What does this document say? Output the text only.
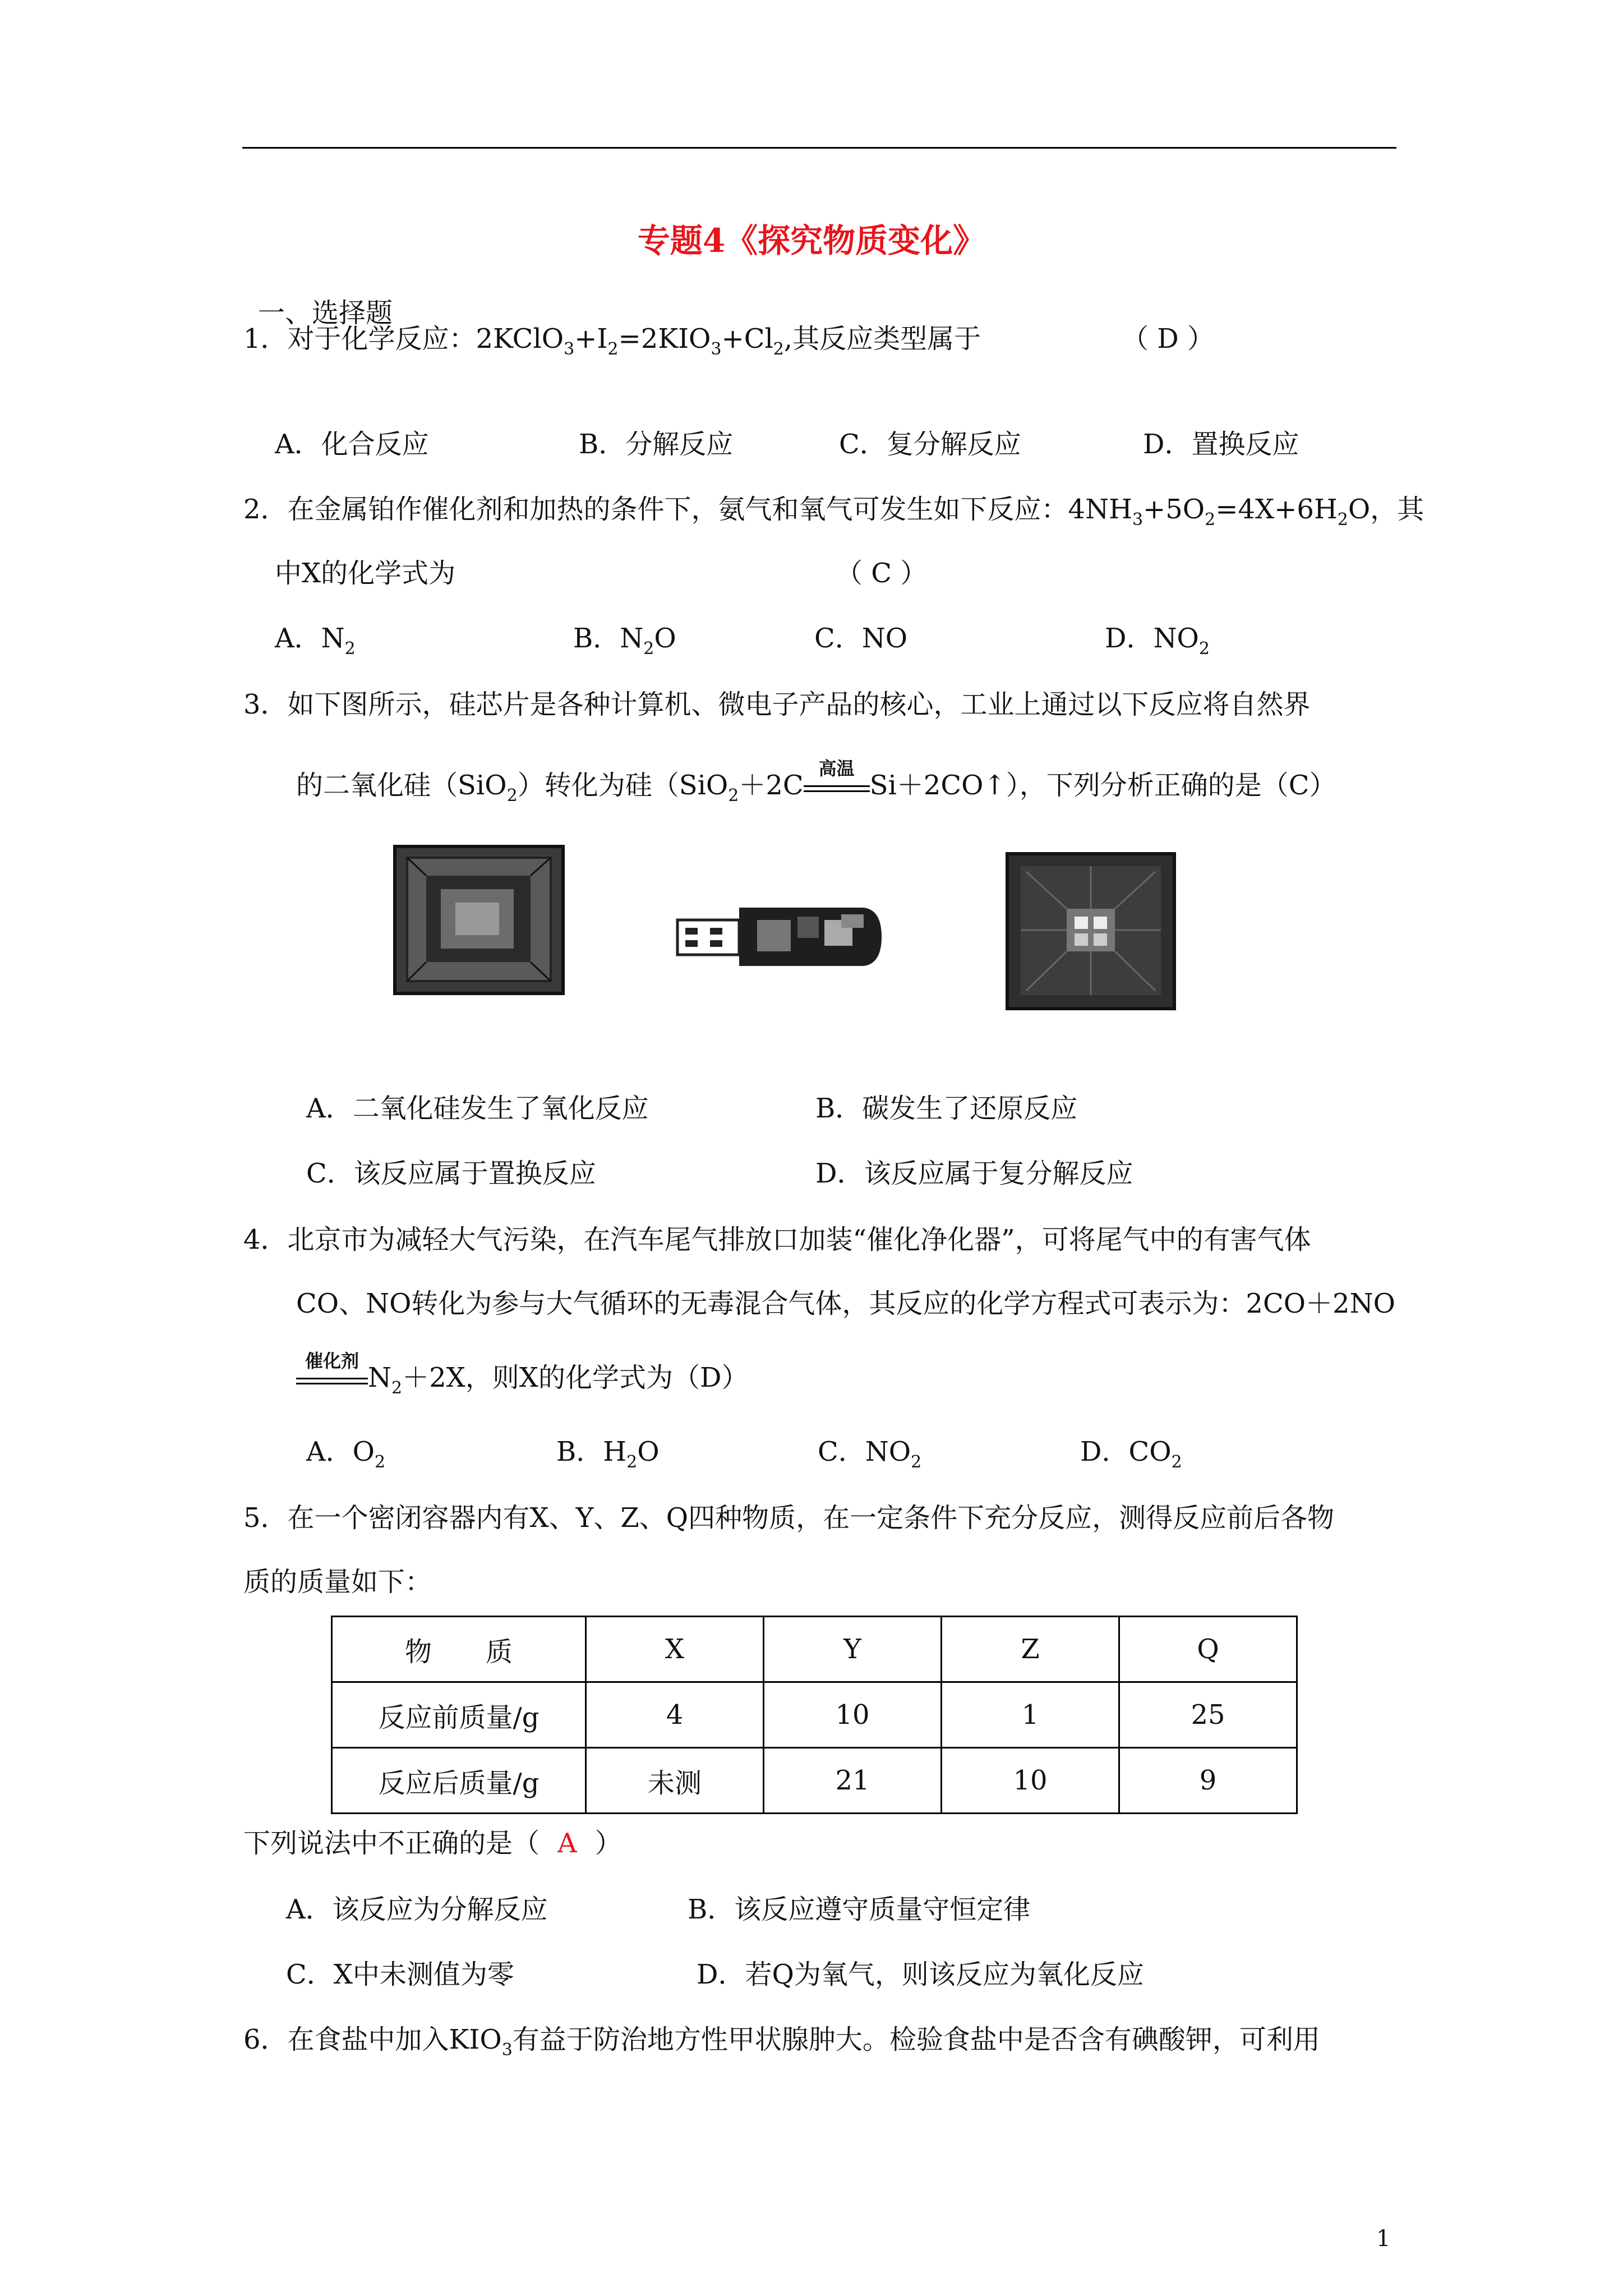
专题4《探究物质变化》
一、选择题
1．对于化学反应：$2KClO_3+I_2=2KIO_3+Cl_2$,其反应类型属于	（ D ）
A．化合反应	B．分解反应	C．复分解反应	D．置换反应
2．在金属铂作催化剂和加热的条件下，氨气和氧气可发生如下反应：$4NH_3+5O_2=4X+6H_2O$，其
中X的化学式为	（ C ）
A．$N_2$	B．$N_2O$	C．NO	D．$NO_2$
3．如下图所示，硅芯片是各种计算机、微电子产品的核心，工业上通过以下反应将自然界
的二氧化硅（SiO$_2$）转化为硅（SiO$_2$＋2C
高温
Si＋2CO↑），下列分析正确的是（C）
A．二氧化硅发生了氧化反应	B．碳发生了还原反应
C．该反应属于置换反应	D．该反应属于复分解反应
4．北京市为减轻大气污染，在汽车尾气排放口加装“催化净化器”，可将尾气中的有害气体
CO、NO转化为参与大气循环的无毒混合气体，其反应的化学方程式可表示为：2CO＋2NO
催化剂
$N_2+2X$，则X的化学式为（D）
A．$O_2$	B．$H_2O$	C．$NO_2$	D．$CO_2$
5．在一个密闭容器内有X、Y、Z、Q四种物质，在一定条件下充分反应，测得反应前后各物
质的质量如下：
物　　质	X	Y	Z	Q
反应前质量/g	4	10	1	25
反应后质量/g	未测	21	10	9
下列说法中不正确的是（ A ）
A．该反应为分解反应	B．该反应遵守质量守恒定律
C．X中未测值为零	D．若Q为氧气，则该反应为氧化反应
6．在食盐中加入$KIO_3$有益于防治地方性甲状腺肿大。检验食盐中是否含有碘酸钾，可利用
1
